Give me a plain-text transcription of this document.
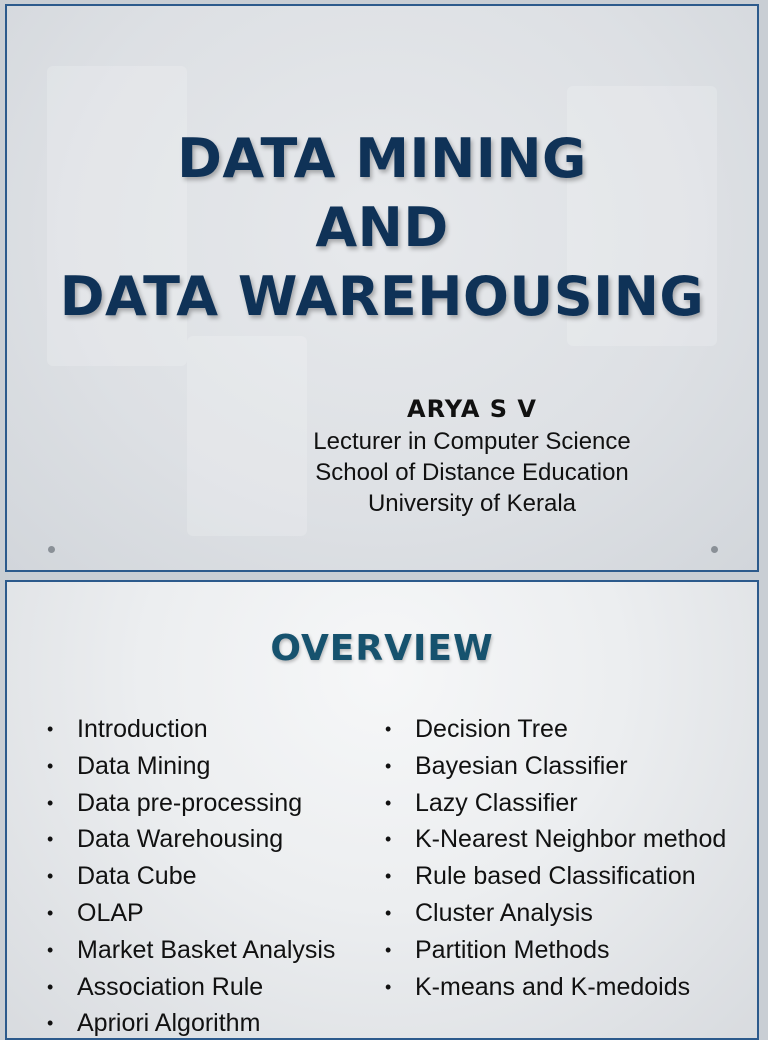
DATA MINING
AND
DATA WAREHOUSING
ARYA S V
Lecturer in Computer Science
School of Distance Education
University of Kerala
OVERVIEW
• Introduction
• Data Mining
• Data pre-processing
• Data Warehousing
• Data Cube
• OLAP
• Market Basket Analysis
• Association Rule
• Apriori Algorithm
• Decision Tree
• Bayesian Classifier
• Lazy Classifier
• K-Nearest Neighbor method
• Rule based Classification
• Cluster Analysis
• Partition Methods
• K-means and K-medoids
